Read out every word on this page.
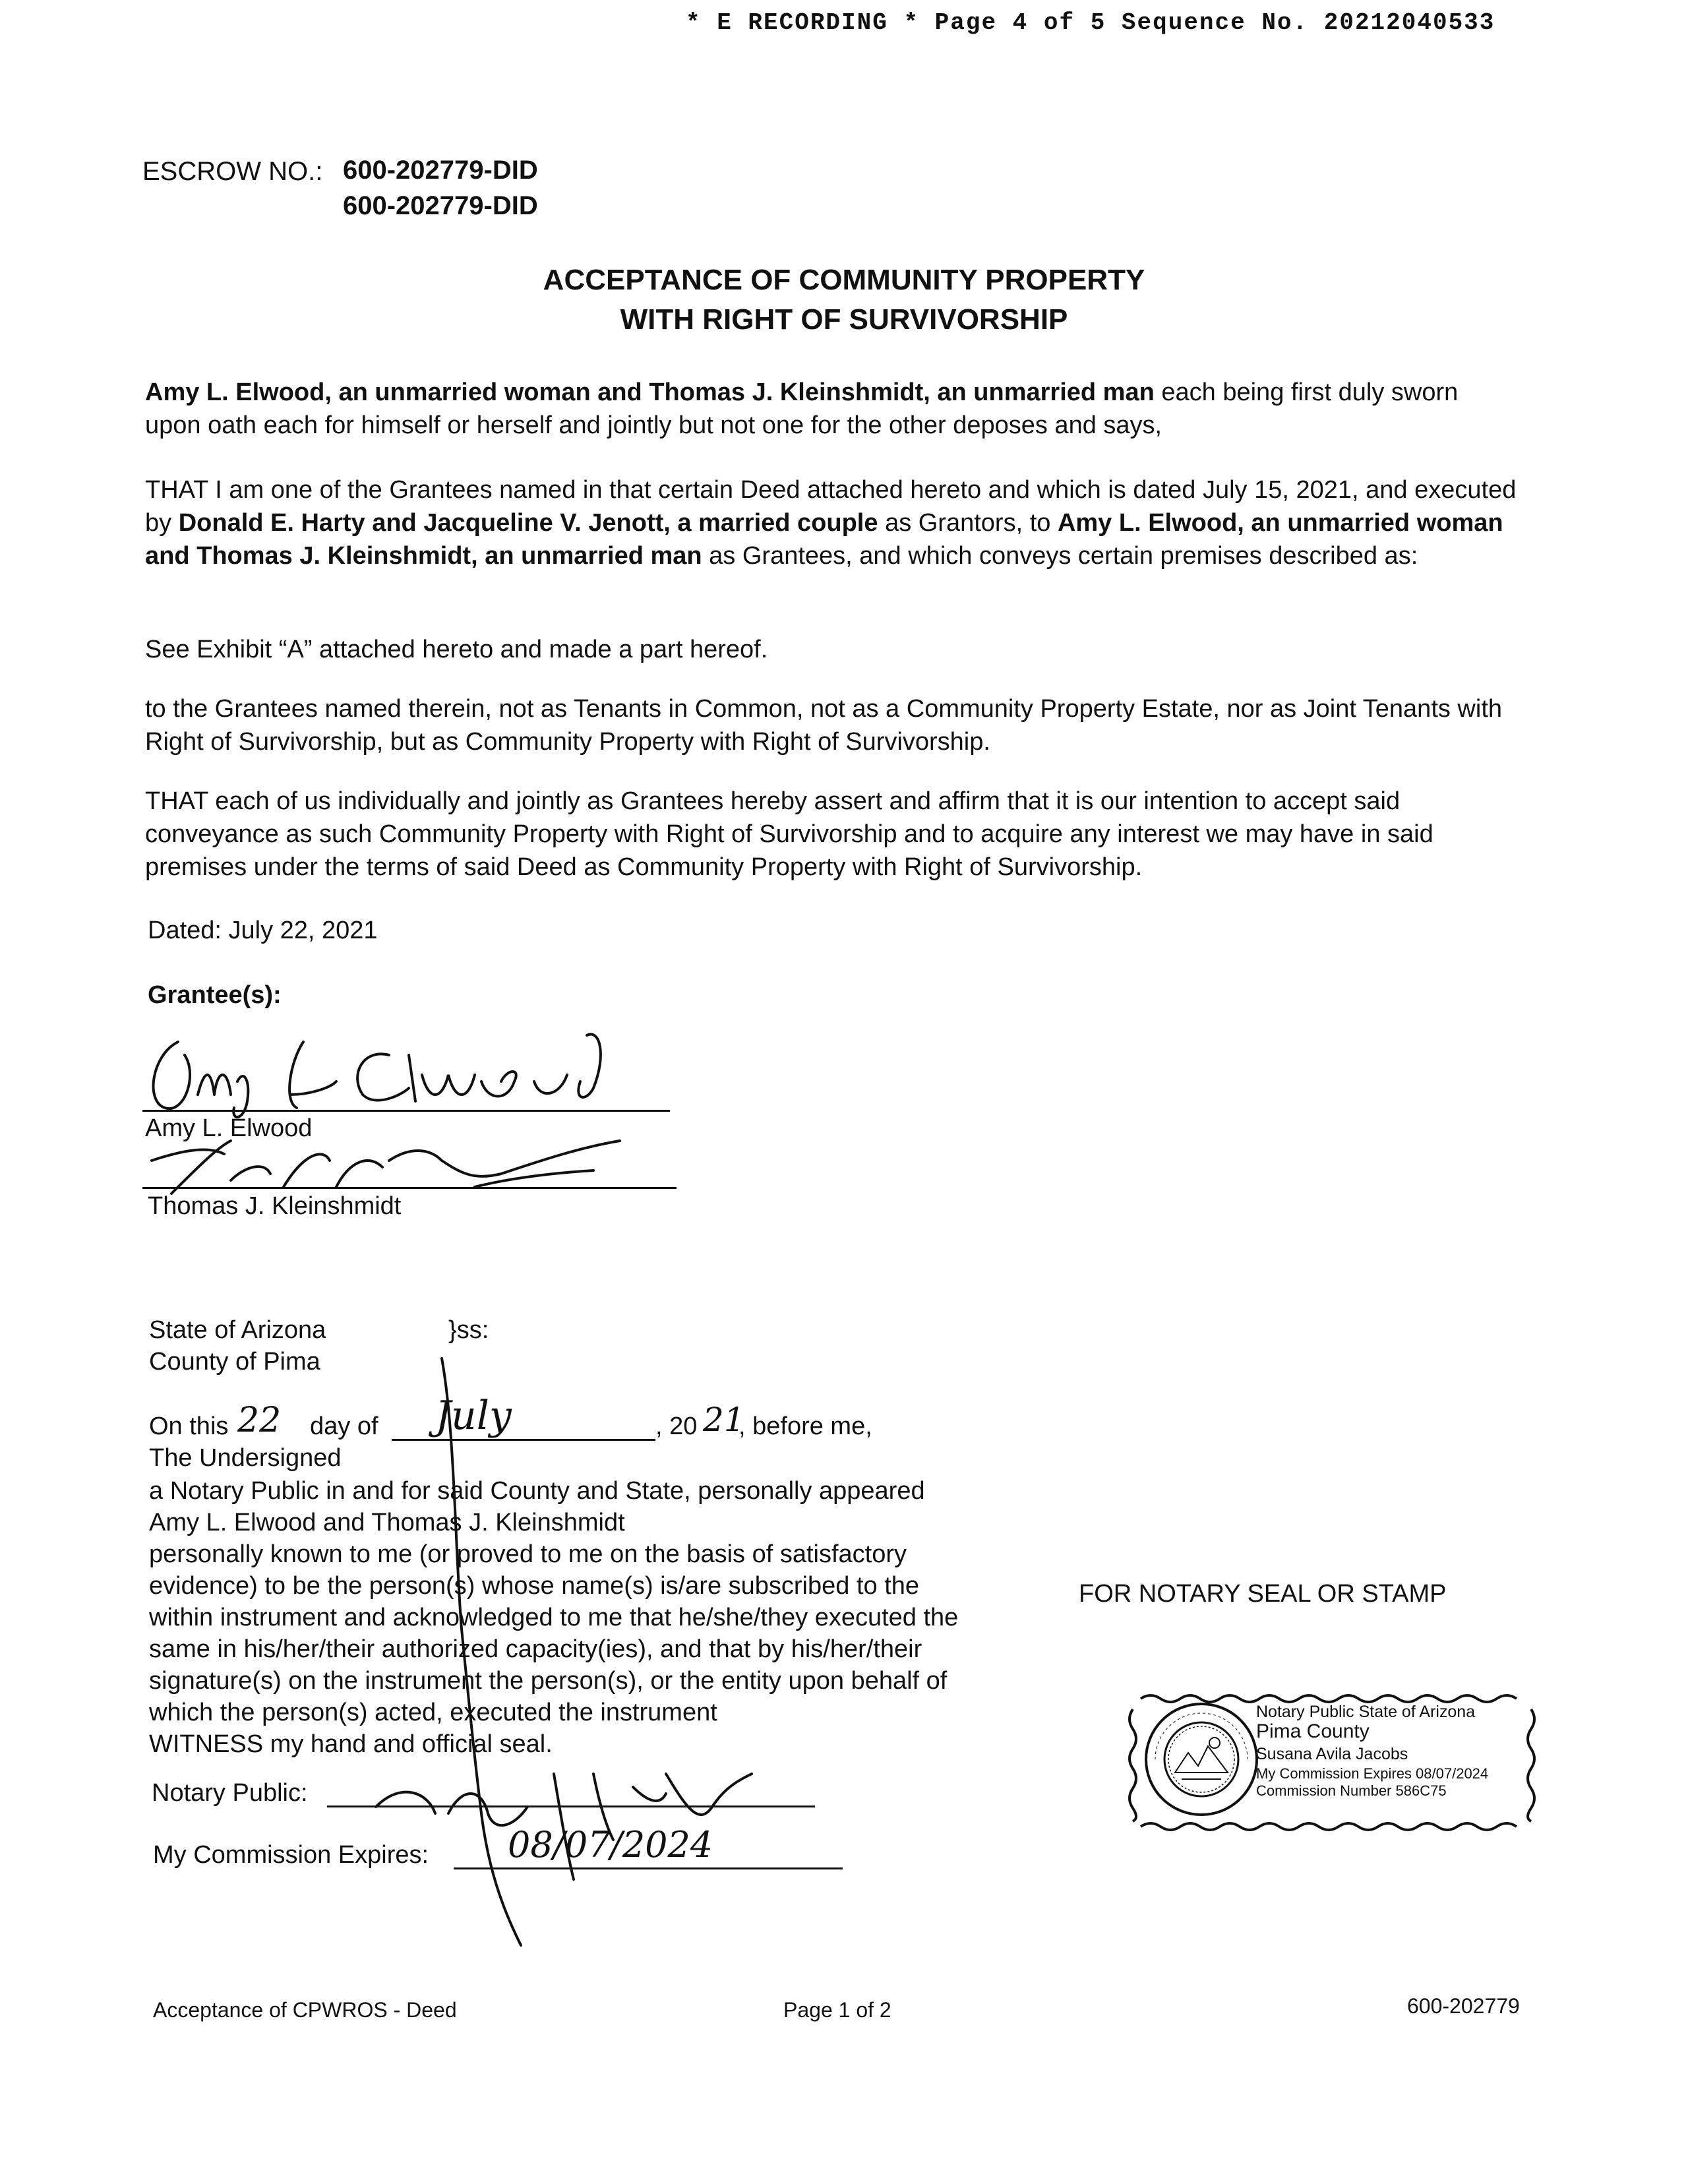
* E RECORDING * Page 4 of 5 Sequence No. 20212040533
ESCROW NO.: 600-202779-DID
600-202779-DID
ACCEPTANCE OF COMMUNITY PROPERTY
WITH RIGHT OF SURVIVORSHIP
Amy L. Elwood, an unmarried woman and Thomas J. Kleinshmidt, an unmarried man each being first duly sworn upon oath each for himself or herself and jointly but not one for the other deposes and says,
THAT I am one of the Grantees named in that certain Deed attached hereto and which is dated July 15, 2021, and executed by Donald E. Harty and Jacqueline V. Jenott, a married couple as Grantors, to Amy L. Elwood, an unmarried woman and Thomas J. Kleinshmidt, an unmarried man as Grantees, and which conveys certain premises described as:
See Exhibit “A” attached hereto and made a part hereof.
to the Grantees named therein, not as Tenants in Common, not as a Community Property Estate, nor as Joint Tenants with Right of Survivorship, but as Community Property with Right of Survivorship.
THAT each of us individually and jointly as Grantees hereby assert and affirm that it is our intention to accept said conveyance as such Community Property with Right of Survivorship and to acquire any interest we may have in said premises under the terms of said Deed as Community Property with Right of Survivorship.
Dated: July 22, 2021
Grantee(s):
Amy L. Elwood
Thomas J. Kleinshmidt
State of Arizona	}ss:
County of Pima
On this 22 day of July	, 20 21
, before me,
The Undersigned
a Notary Public in and for said County and State, personally appeared
Amy L. Elwood and Thomas J. Kleinshmidt
personally known to me (or proved to me on the basis of satisfactory
evidence) to be the person(s) whose name(s) is/are subscribed to the
within instrument and acknowledged to me that he/she/they executed the
same in his/her/their authorized capacity(ies), and that by his/her/their
signature(s) on the instrument the person(s), or the entity upon behalf of
which the person(s) acted, executed the instrument
WITNESS my hand and official seal.
Notary Public:
My Commission Expires: 08/07/2024
FOR NOTARY SEAL OR STAMP
Notary Public State of Arizona
Pima County
Susana Avila Jacobs
My Commission Expires 08/07/2024
Commission Number 586C75
Acceptance of CPWROS - Deed	Page 1 of 2	600-202779
